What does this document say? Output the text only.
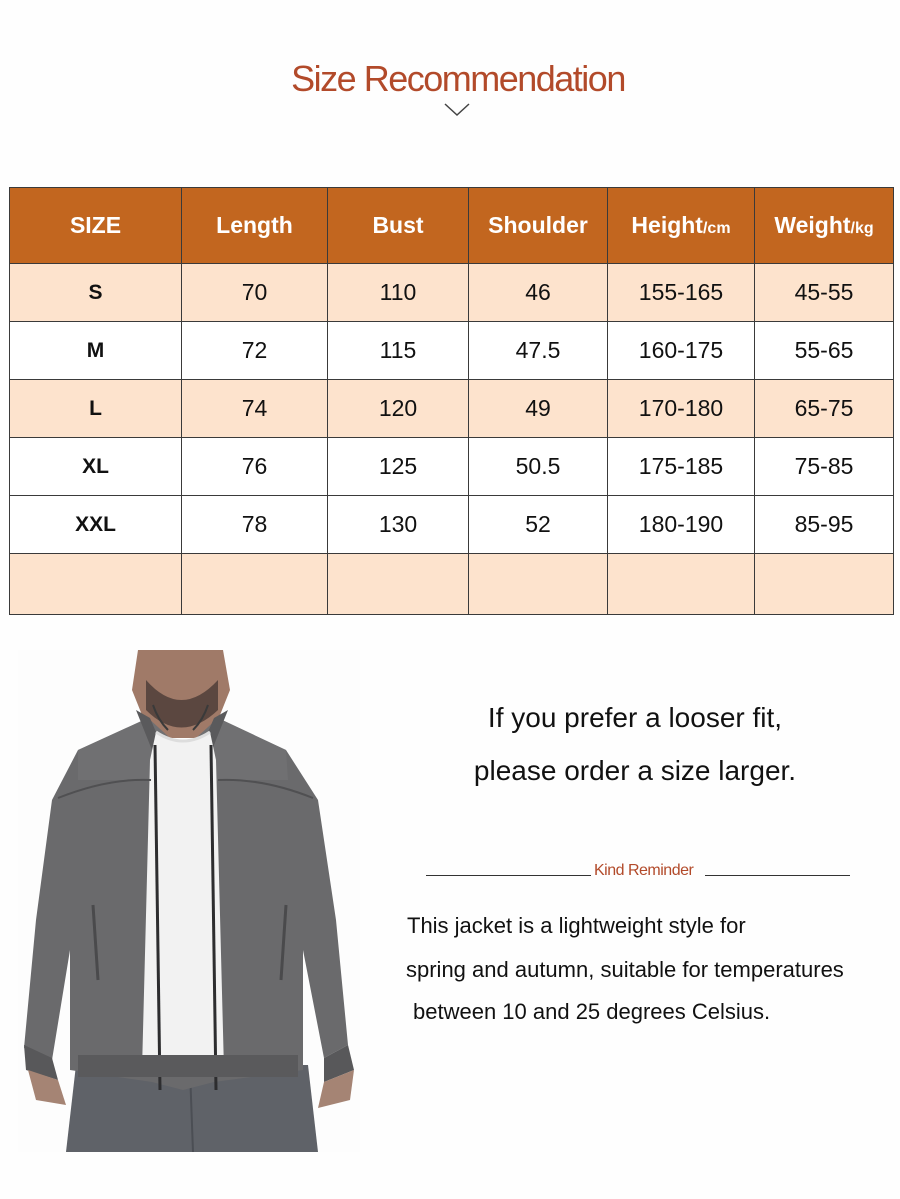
Size Recommendation
SIZE	Length	Bust	Shoulder	Height/cm	Weight/kg
S	70	110	46	155-165	45-55
M	72	115	47.5	160-175	55-65
L	74	120	49	170-180	65-75
XL	76	125	50.5	175-185	75-85
XXL	78	130	52	180-190	85-95

If you prefer a looser fit,
please order a size larger.
Kind Reminder
This jacket is a lightweight style for
spring and autumn, suitable for temperatures
between 10 and 25 degrees Celsius.
